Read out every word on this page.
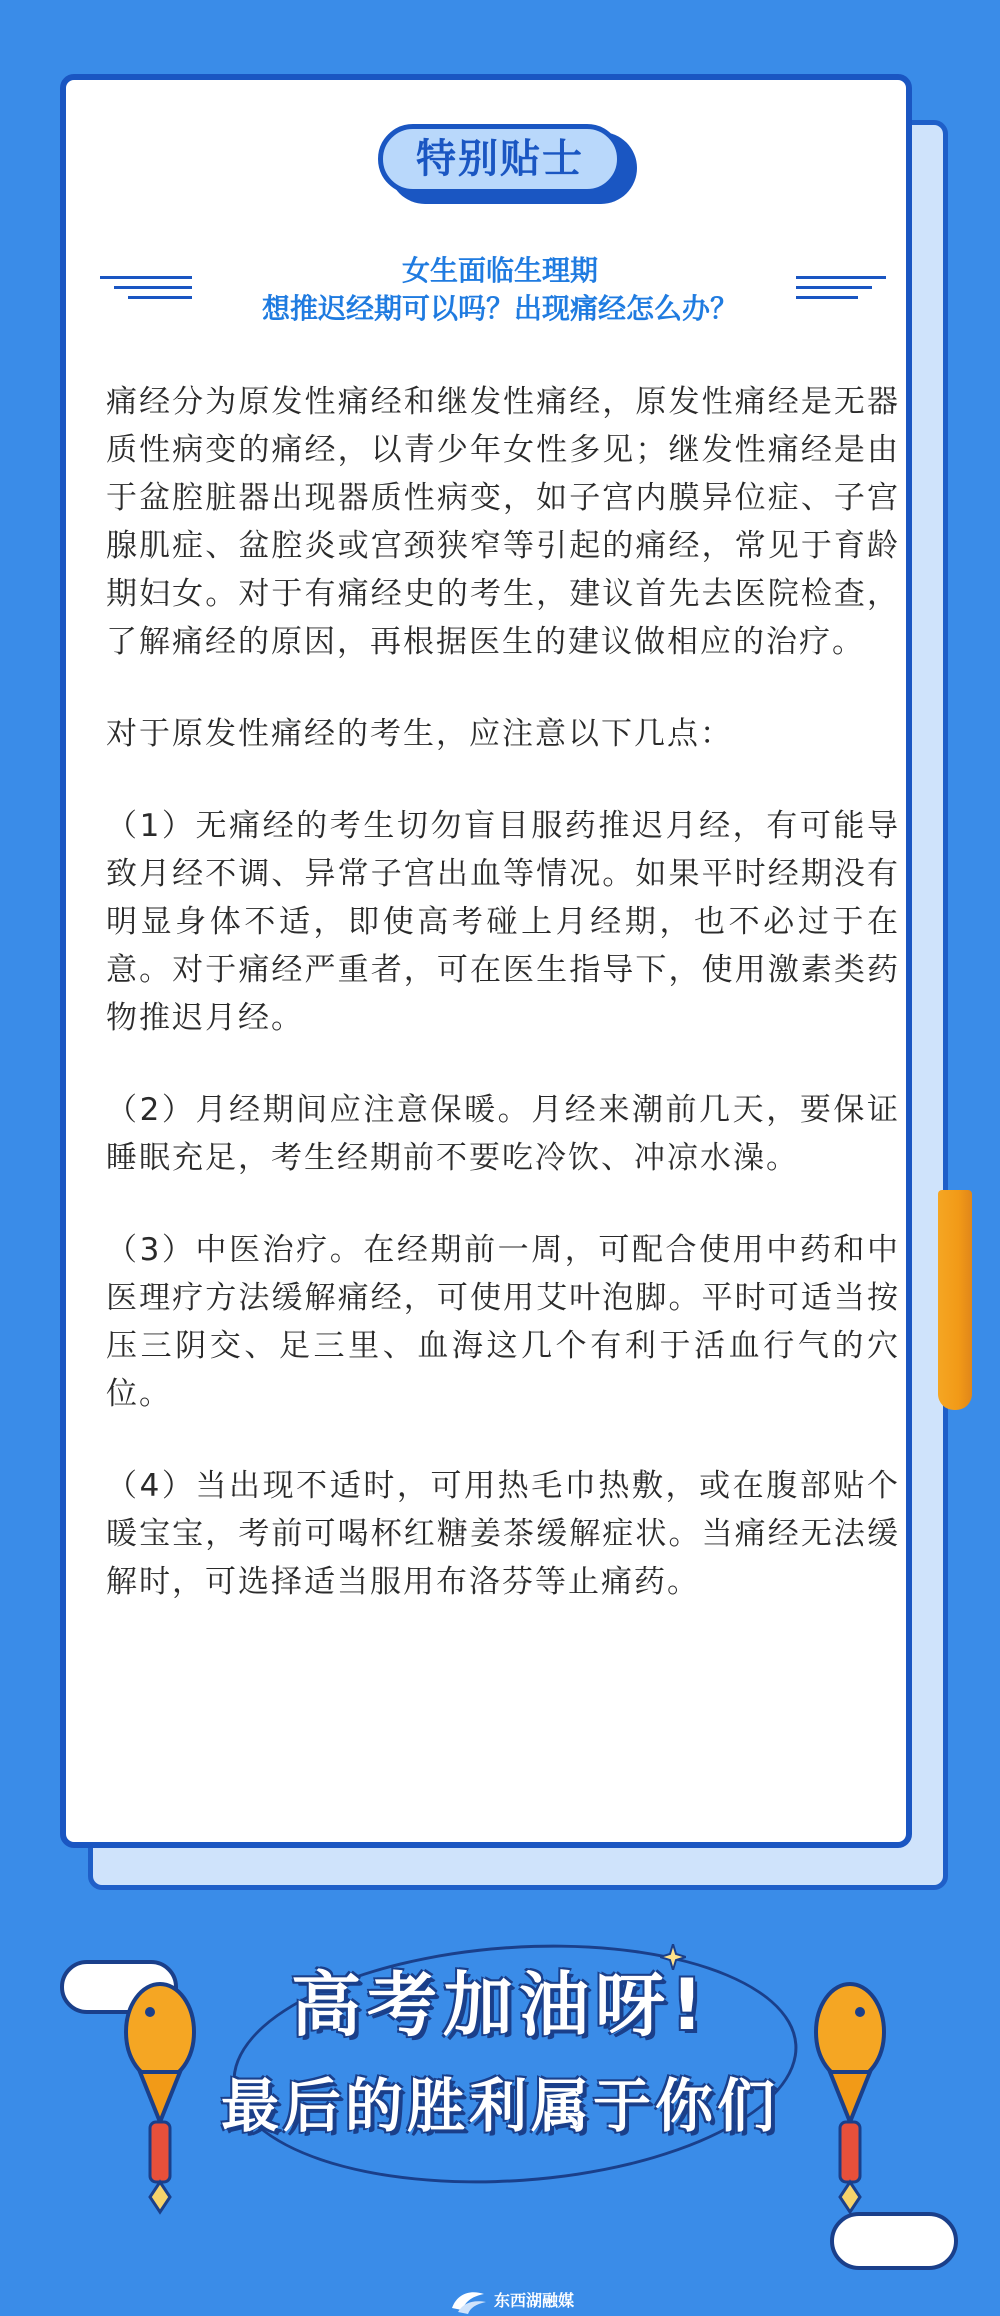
特别贴士
女生面临生理期
想推迟经期可以吗？出现痛经怎么办？

痛经分为原发性痛经和继发性痛经，原发性痛经是无器质性病变的痛经，以青少年女性多见；继发性痛经是由于盆腔脏器出现器质性病变，如子宫内膜异位症、子宫腺肌症、盆腔炎或宫颈狭窄等引起的痛经，常见于育龄期妇女。对于有痛经史的考生，建议首先去医院检查，了解痛经的原因，再根据医生的建议做相应的治疗。

对于原发性痛经的考生，应注意以下几点：

（1）无痛经的考生切勿盲目服药推迟月经，有可能导致月经不调、异常子宫出血等情况。如果平时经期没有明显身体不适，即使高考碰上月经期，也不必过于在意。对于痛经严重者，可在医生指导下，使用激素类药物推迟月经。

（2）月经期间应注意保暖。月经来潮前几天，要保证睡眠充足，考生经期前不要吃冷饮、冲凉水澡。

（3）中医治疗。在经期前一周，可配合使用中药和中医理疗方法缓解痛经，可使用艾叶泡脚。平时可适当按压三阴交、足三里、血海这几个有利于活血行气的穴位。

（4）当出现不适时，可用热毛巾热敷，或在腹部贴个暖宝宝，考前可喝杯红糖姜茶缓解症状。当痛经无法缓解时，可选择适当服用布洛芬等止痛药。

高考加油呀!
最后的胜利属于你们
东西湖融媒
